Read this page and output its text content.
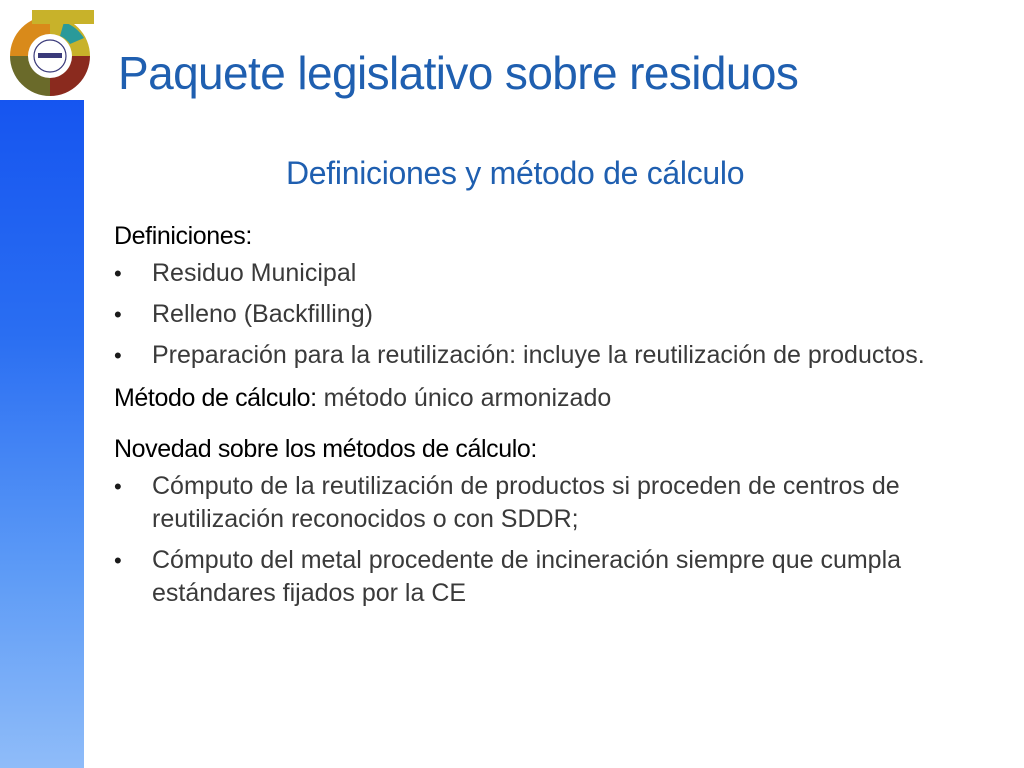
Paquete legislativo sobre residuos
Definiciones y método de cálculo
Definiciones:
• Residuo Municipal
• Relleno (Backfilling)
• Preparación para la reutilización: incluye la reutilización de productos.
Método de cálculo: método único armonizado
Novedad sobre los métodos de cálculo:
• Cómputo de la reutilización de productos si proceden de centros de reutilización reconocidos o con SDDR;
• Cómputo del metal procedente de incineración siempre que cumpla estándares fijados por la CE
